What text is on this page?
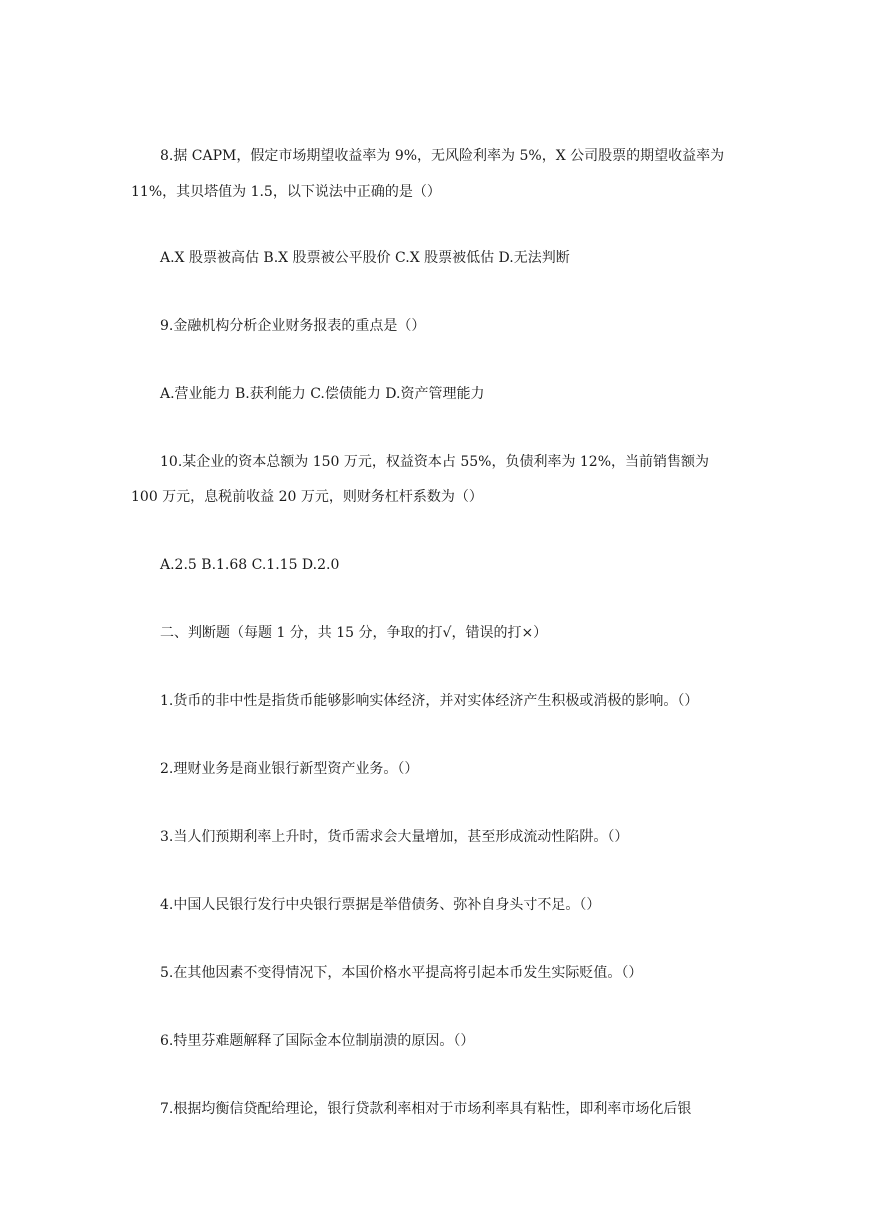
8.据 CAPM，假定市场期望收益率为 9%，无风险利率为 5%，X 公司股票的期望收益率为
11%，其贝塔值为 1.5，以下说法中正确的是（）
A.X 股票被高估 B.X 股票被公平股价 C.X 股票被低估 D.无法判断
9.金融机构分析企业财务报表的重点是（）
A.营业能力 B.获利能力 C.偿债能力 D.资产管理能力
10.某企业的资本总额为 150 万元，权益资本占 55%，负债利率为 12%，当前销售额为
100 万元，息税前收益 20 万元，则财务杠杆系数为（）
A.2.5 B.1.68 C.1.15 D.2.0
二、判断题（每题 1 分，共 15 分，争取的打√，错误的打×）
1.货币的非中性是指货币能够影响实体经济，并对实体经济产生积极或消极的影响。（）
2.理财业务是商业银行新型资产业务。（）
3.当人们预期利率上升时，货币需求会大量增加，甚至形成流动性陷阱。（）
4.中国人民银行发行中央银行票据是举借债务、弥补自身头寸不足。（）
5.在其他因素不变得情况下，本国价格水平提高将引起本币发生实际贬值。（）
6.特里芬难题解释了国际金本位制崩溃的原因。（）
7.根据均衡信贷配给理论，银行贷款利率相对于市场利率具有粘性，即利率市场化后银
